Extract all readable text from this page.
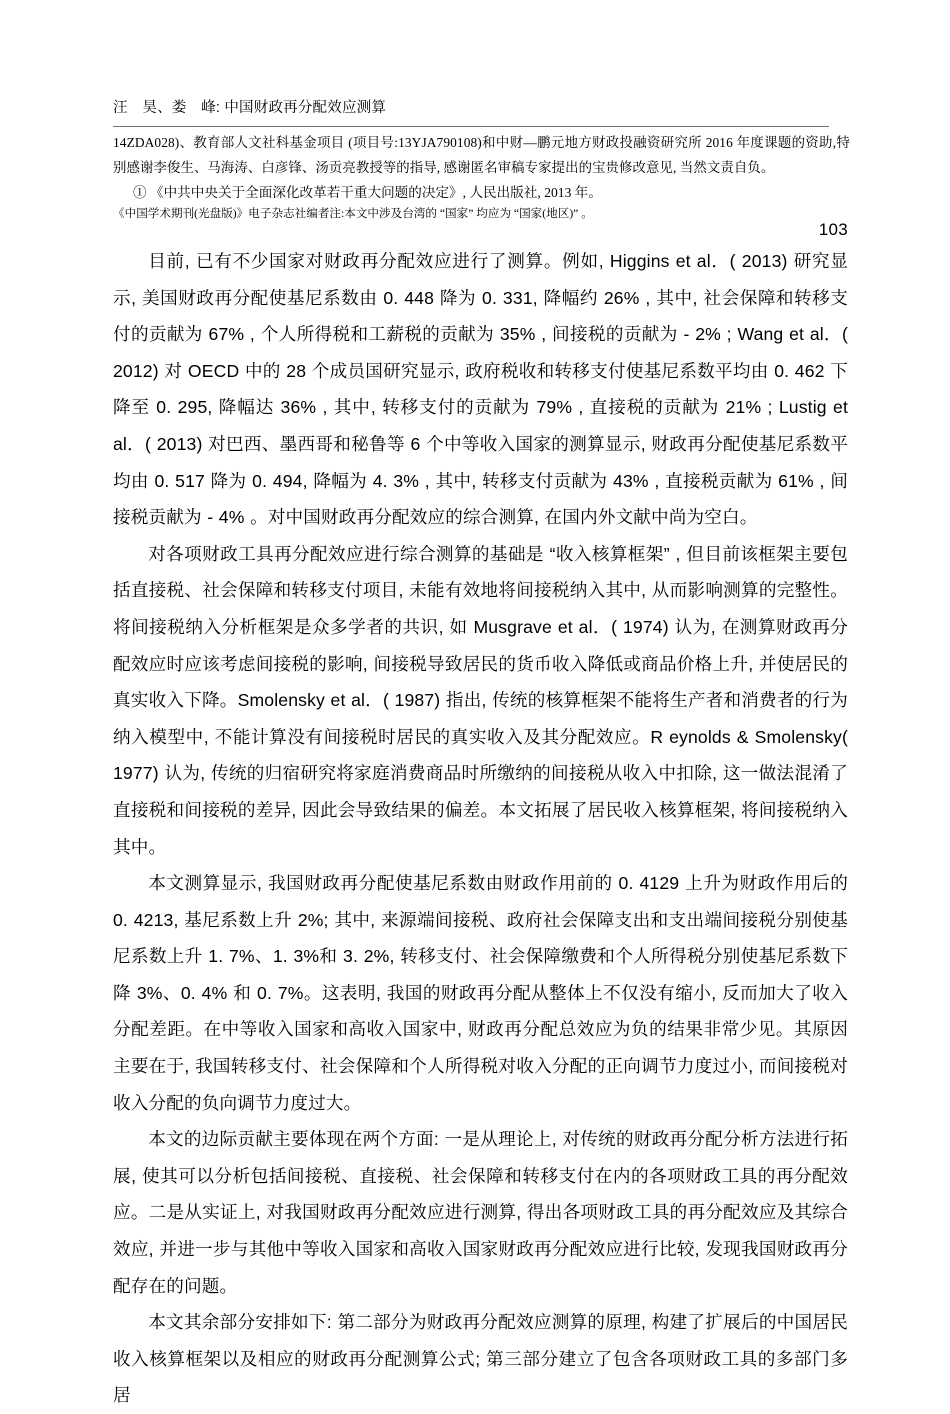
汪　昊、娄　峰: 中国财政再分配效应测算
14ZDA028)、教育部人文社科基金项目 (项目号:13YJA790108)和中财—鹏元地方财政投融资研究所 2016 年度课题的资助,特别感谢李俊生、马海涛、白彦锋、汤贡亮教授等的指导, 感谢匿名审稿专家提出的宝贵修改意见, 当然文责自负。
① 《中共中央关于全面深化改革若干重大问题的决定》, 人民出版社, 2013 年。
《中国学术期刊(光盘版)》电子杂志社编者注:本文中涉及台湾的 “国家” 均应为 “国家(地区)” 。
103

目前, 已有不少国家对财政再分配效应进行了测算。例如, Higgins et al．( 2013) 研究显示, 美国财政再分配使基尼系数由 0. 448 降为 0. 331, 降幅约 26% , 其中, 社会保障和转移支付的贡献为 67% , 个人所得税和工薪税的贡献为 35% , 间接税的贡献为 ‐ 2% ; Wang et al．( 2012) 对 OECD 中的 28 个成员国研究显示, 政府税收和转移支付使基尼系数平均由 0. 462 下降至 0. 295, 降幅达 36% , 其中, 转移支付的贡献为 79% , 直接税的贡献为 21% ; Lustig et al．( 2013) 对巴西、墨西哥和秘鲁等 6 个中等收入国家的测算显示, 财政再分配使基尼系数平均由 0. 517 降为 0. 494, 降幅为 4. 3% , 其中, 转移支付贡献为 43% , 直接税贡献为 61% , 间接税贡献为 ‐ 4% 。对中国财政再分配效应的综合测算, 在国内外文献中尚为空白。

对各项财政工具再分配效应进行综合测算的基础是 “收入核算框架” , 但目前该框架主要包括直接税、社会保障和转移支付项目, 未能有效地将间接税纳入其中, 从而影响测算的完整性。将间接税纳入分析框架是众多学者的共识, 如 Musgrave et al．( 1974) 认为, 在测算财政再分配效应时应该考虑间接税的影响, 间接税导致居民的货币收入降低或商品价格上升, 并使居民的真实收入下降。Smolensky et al．( 1987) 指出, 传统的核算框架不能将生产者和消费者的行为纳入模型中, 不能计算没有间接税时居民的真实收入及其分配效应。R eynolds & Smolensky( 1977) 认为, 传统的归宿研究将家庭消费商品时所缴纳的间接税从收入中扣除, 这一做法混淆了直接税和间接税的差异, 因此会导致结果的偏差。本文拓展了居民收入核算框架, 将间接税纳入其中。

本文测算显示, 我国财政再分配使基尼系数由财政作用前的 0. 4129 上升为财政作用后的 0. 4213, 基尼系数上升 2%; 其中, 来源端间接税、政府社会保障支出和支出端间接税分别使基尼系数上升 1. 7%、1. 3%和 3. 2%, 转移支付、社会保障缴费和个人所得税分别使基尼系数下降 3%、0. 4% 和 0. 7%。这表明, 我国的财政再分配从整体上不仅没有缩小, 反而加大了收入分配差距。在中等收入国家和高收入国家中, 财政再分配总效应为负的结果非常少见。其原因主要在于, 我国转移支付、社会保障和个人所得税对收入分配的正向调节力度过小, 而间接税对收入分配的负向调节力度过大。

本文的边际贡献主要体现在两个方面: 一是从理论上, 对传统的财政再分配分析方法进行拓展, 使其可以分析包括间接税、直接税、社会保障和转移支付在内的各项财政工具的再分配效应。二是从实证上, 对我国财政再分配效应进行测算, 得出各项财政工具的再分配效应及其综合效应, 并进一步与其他中等收入国家和高收入国家财政再分配效应进行比较, 发现我国财政再分配存在的问题。

本文其余部分安排如下: 第二部分为财政再分配效应测算的原理, 构建了扩展后的中国居民收入核算框架以及相应的财政再分配测算公式; 第三部分建立了包含各项财政工具的多部门多居
